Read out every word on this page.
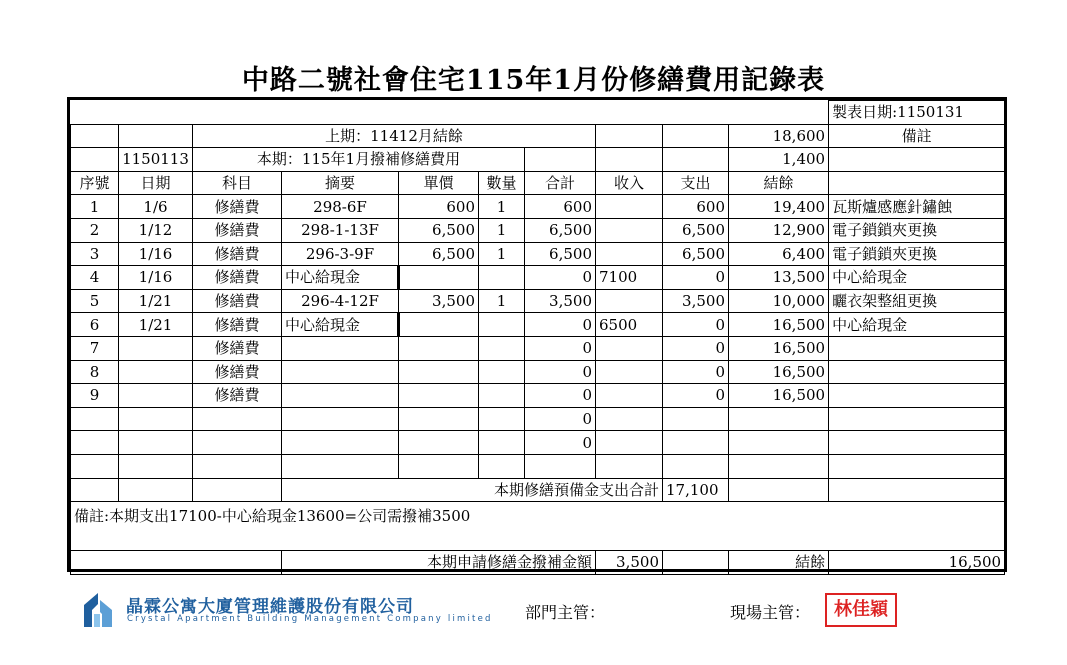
中路二號社會住宅115年1月份修繕費用記錄表
										製表日期:1150131
		上期：11412月結餘							18,600	備註
	1150113	本期：115年1月撥補修繕費用							1,400	
序號	日期	科目	摘要	單價	數量	合計	收入	支出	結餘	
1	1/6	修繕費	298-6F	600	1	600		600	19,400	瓦斯爐感應針鏽蝕
2	1/12	修繕費	298-1-13F	6,500	1	6,500		6,500	12,900	電子鎖鎖夾更換
3	1/16	修繕費	296-3-9F	6,500	1	6,500		6,500	6,400	電子鎖鎖夾更換
4	1/16	修繕費	中心給現金			0	7100	0	13,500	中心給現金
5	1/21	修繕費	296-4-12F	3,500	1	3,500		3,500	10,000	曬衣架整組更換
6	1/21	修繕費	中心給現金			0	6500	0	16,500	中心給現金
7		修繕費				0		0	16,500	
8		修繕費				0		0	16,500	
9		修繕費				0		0	16,500	
						0				
						0				

			本期修繕預備金支出合計					17,100		
備註:本期支出17100-中心給現金13600=公司需撥補3500										
			本期申請修繕金撥補金額				3,500		結餘	16,500
晶霖公寓大廈管理維護股份有限公司
Crystal Apartment Building Management Company limited 部門主管：	現場主管：	林佳穎
